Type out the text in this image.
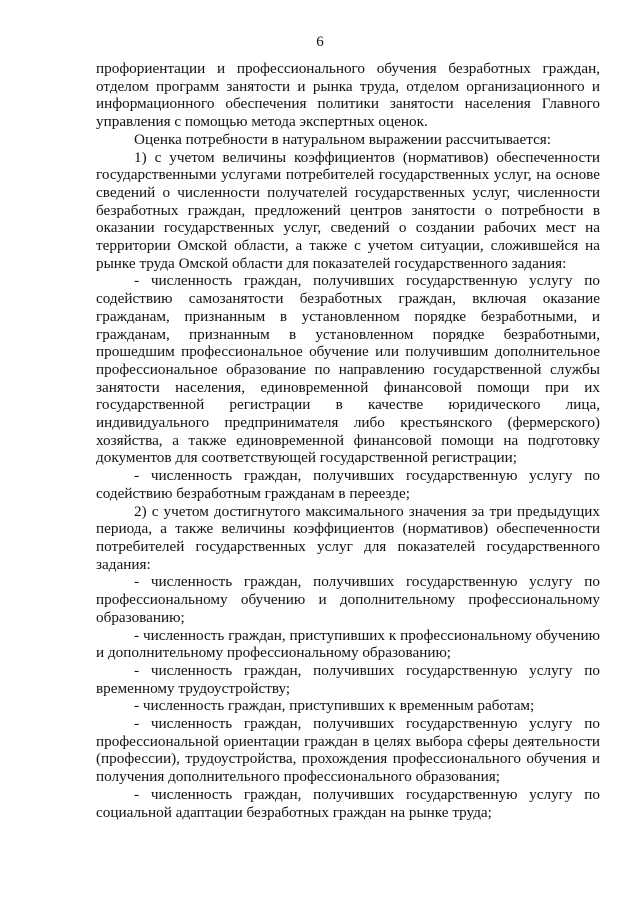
6

профориентации и профессионального обучения безработных граждан, отделом программ занятости и рынка труда, отделом организационного и информационного обеспечения политики занятости населения Главного управления с помощью метода экспертных оценок.

Оценка потребности в натуральном выражении рассчитывается:

1) с учетом величины коэффициентов (нормативов) обеспеченности государственными услугами потребителей государственных услуг, на основе сведений о численности получателей государственных услуг, численности безработных граждан, предложений центров занятости о потребности в оказании государственных услуг, сведений о создании рабочих мест на территории Омской области, а также с учетом ситуации, сложившейся на рынке труда Омской области для показателей государственного задания:

- численность граждан, получивших государственную услугу по содействию самозанятости безработных граждан, включая оказание гражданам, признанным в установленном порядке безработными, и гражданам, признанным в установленном порядке безработными, прошедшим профессиональное обучение или получившим дополнительное профессиональное образование по направлению государственной службы занятости населения, единовременной финансовой помощи при их государственной регистрации в качестве юридического лица, индивидуального предпринимателя либо крестьянского (фермерского) хозяйства, а также единовременной финансовой помощи на подготовку документов для соответствующей государственной регистрации;

- численность граждан, получивших государственную услугу по содействию безработным гражданам в переезде;

2) с учетом достигнутого максимального значения за три предыдущих периода, а также величины коэффициентов (нормативов) обеспеченности потребителей государственных услуг для показателей государственного задания:

- численность граждан, получивших государственную услугу по профессиональному обучению и дополнительному профессиональному образованию;

- численность граждан, приступивших к профессиональному обучению и дополнительному профессиональному образованию;

- численность граждан, получивших государственную услугу по временному трудоустройству;

- численность граждан, приступивших к временным работам;

- численность граждан, получивших государственную услугу по профессиональной ориентации граждан в целях выбора сферы деятельности (профессии), трудоустройства, прохождения профессионального обучения и получения дополнительного профессионального образования;

- численность граждан, получивших государственную услугу по социальной адаптации безработных граждан на рынке труда;
